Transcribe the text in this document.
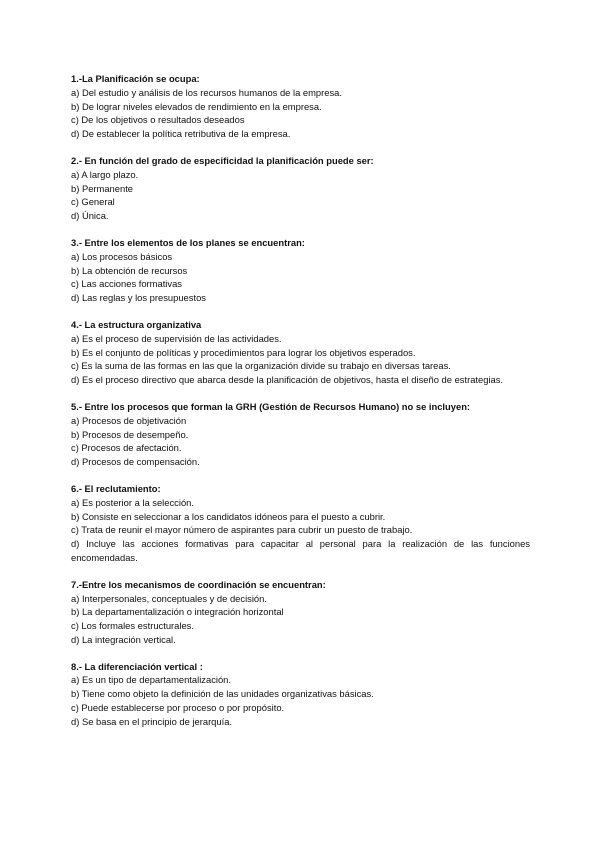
1.-La Planificación se ocupa:
a) Del estudio y análisis de los recursos humanos de la empresa.
b) De lograr niveles elevados de rendimiento en la empresa.
c) De los objetivos o resultados deseados
d) De establecer la política retributiva de la empresa.
2.- En función del grado de especificidad la planificación puede ser:
a) A largo plazo.
b) Permanente
c) General
d) Única.
3.- Entre los elementos de los planes se encuentran:
a) Los procesos básicos
b) La obtención de recursos
c) Las acciones formativas
d) Las reglas y los presupuestos
4.- La estructura organizativa
a) Es el proceso de supervisión de las actividades.
b) Es el conjunto de políticas y procedimientos para lograr los objetivos esperados.
c) Es la suma de las formas en las que la organización divide su trabajo en diversas tareas.
d) Es el proceso directivo que abarca desde la planificación de objetivos, hasta el diseño de estrategias.
5.- Entre los procesos que forman la GRH (Gestión de Recursos Humano) no se incluyen:
a) Procesos de objetivación
b) Procesos de desempeño.
c) Procesos de afectación.
d) Procesos de compensación.
6.- El reclutamiento:
a) Es posterior a la selección.
b) Consiste en seleccionar a los candidatos idóneos para el puesto a cubrir.
c) Trata de reunir el mayor número de aspirantes para cubrir un puesto de trabajo.
d) Incluye las acciones formativas para capacitar al personal para la realización de las funciones encomendadas.
7.-Entre los mecanismos de coordinación se encuentran:
a) Interpersonales, conceptuales y de decisión.
b) La departamentalización o integración horizontal
c) Los formales estructurales.
d) La integración vertical.
8.- La diferenciación vertical :
a) Es un tipo de departamentalización.
b) Tiene como objeto la definición de las unidades organizativas básicas.
c) Puede establecerse por proceso o por propósito.
d) Se basa en el principio de jerarquía.
